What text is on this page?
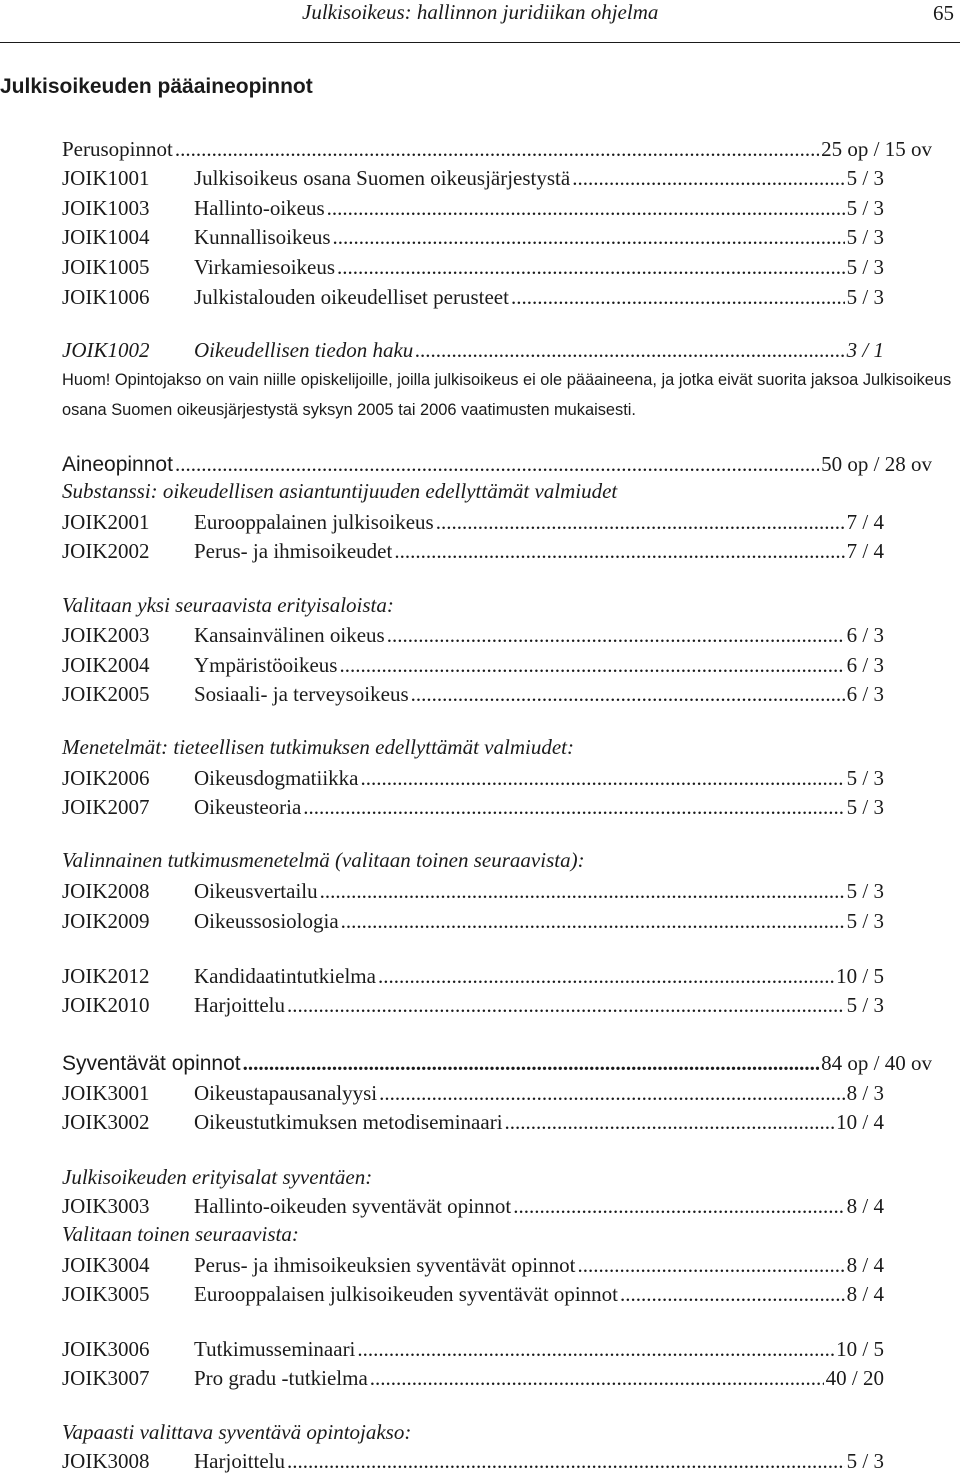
Julkisoikeus: hallinnon juridiikan ohjelma	65
Julkisoikeuden pääaineopinnot
Perusopinnot .....	25 op / 15 ov
JOIK1001	Julkisoikeus osana Suomen oikeusjärjestystä .....	5 / 3
JOIK1003	Hallinto-oikeus .....	5 / 3
JOIK1004	Kunnallisoikeus .....	5 / 3
JOIK1005	Virkamiesoikeus .....	5 / 3
JOIK1006	Julkistalouden oikeudelliset perusteet .....	5 / 3
JOIK1002	Oikeudellisen tiedon haku .....	3 / 1
Huom! Opintojakso on vain niille opiskelijoille, joilla julkisoikeus ei ole pääaineena, ja jotka eivät suorita jaksoa Julkisoikeus osana Suomen oikeusjärjestystä syksyn 2005 tai 2006 vaatimusten mukaisesti.
Aineopinnot .....	50 op / 28 ov
Substanssi: oikeudellisen asiantuntijuuden edellyttämät valmiudet
JOIK2001	Eurooppalainen julkisoikeus .....	7 / 4
JOIK2002	Perus- ja ihmisoikeudet .....	7 / 4
Valitaan yksi seuraavista erityisaloista:
JOIK2003	Kansainvälinen oikeus .....	6 / 3
JOIK2004	Ympäristöoikeus .....	6 / 3
JOIK2005	Sosiaali- ja terveysoikeus .....	6 / 3
Menetelmät: tieteellisen tutkimuksen edellyttämät valmiudet:
JOIK2006	Oikeusdogmatiikka .....	5 / 3
JOIK2007	Oikeusteoria .....	5 / 3
Valinnainen tutkimusmenetelmä (valitaan toinen seuraavista):
JOIK2008	Oikeusvertailu .....	5 / 3
JOIK2009	Oikeussosiologia .....	5 / 3
JOIK2012	Kandidaatintutkielma .....	10 / 5
JOIK2010	Harjoittelu .....	5 / 3
Syventävät opinnot .....	84 op / 40 ov
JOIK3001	Oikeustapausanalyysi .....	8 / 3
JOIK3002	Oikeustutkimuksen metodiseminaari .....	10 / 4
Julkisoikeuden erityisalat syventäen:
JOIK3003	Hallinto-oikeuden syventävät opinnot .....	8 / 4
Valitaan toinen seuraavista:
JOIK3004	Perus- ja ihmisoikeuksien syventävät opinnot .....	8 / 4
JOIK3005	Eurooppalaisen julkisoikeuden syventävät opinnot .....	8 / 4
JOIK3006	Tutkimusseminaari .....	10 / 5
JOIK3007	Pro gradu -tutkielma .....	40 / 20
Vapaasti valittava syventävä opintojakso:
JOIK3008	Harjoittelu .....	5 / 3
